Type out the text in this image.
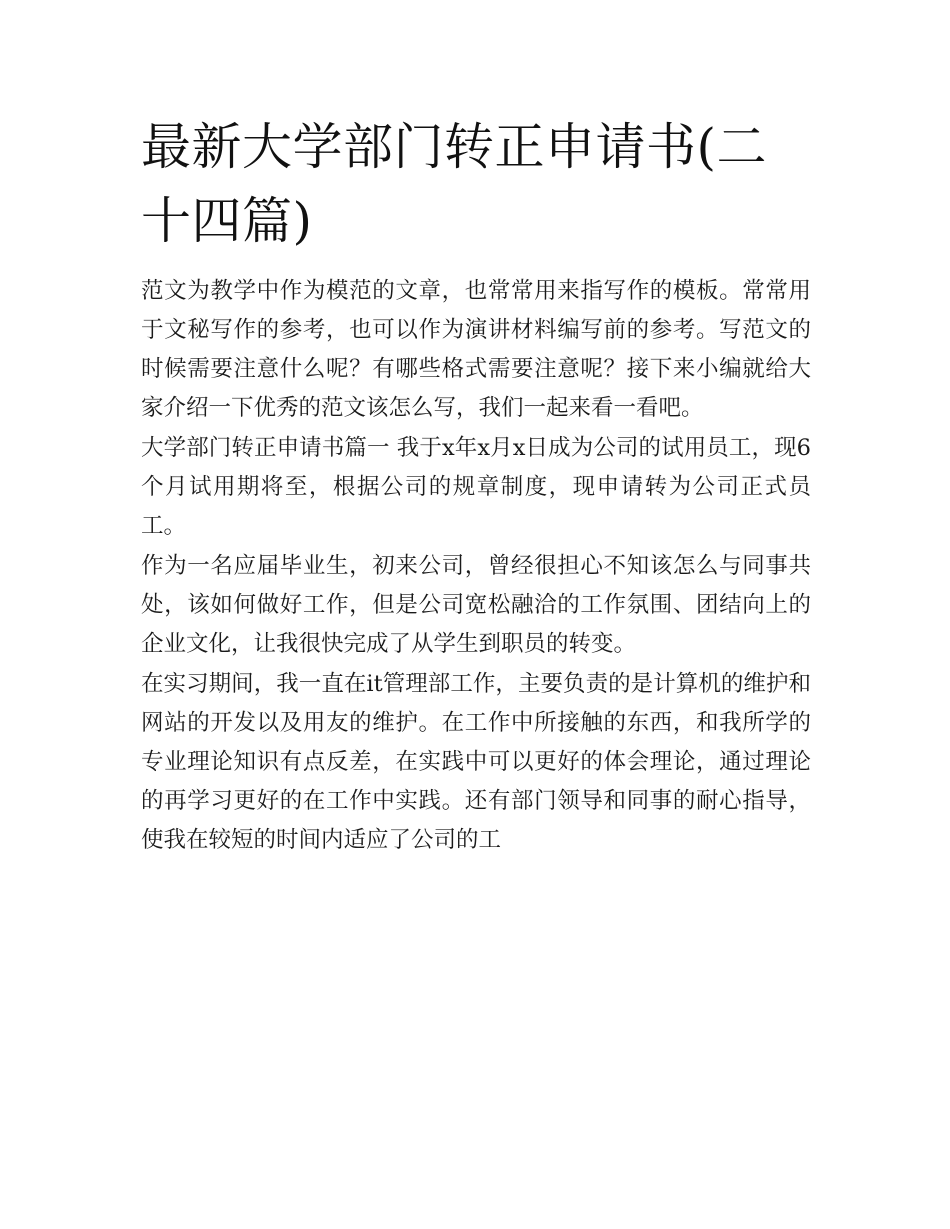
最新大学部门转正申请书(二十四篇)

范文为教学中作为模范的文章，也常常用来指写作的模板。常常用于文秘写作的参考，也可以作为演讲材料编写前的参考。写范文的时候需要注意什么呢？有哪些格式需要注意呢？接下来小编就给大家介绍一下优秀的范文该怎么写，我们一起来看一看吧。

大学部门转正申请书篇一 我于x年x月x日成为公司的试用员工，现6个月试用期将至，根据公司的规章制度，现申请转为公司正式员工。

作为一名应届毕业生，初来公司，曾经很担心不知该怎么与同事共处，该如何做好工作，但是公司宽松融洽的工作氛围、团结向上的企业文化，让我很快完成了从学生到职员的转变。

在实习期间，我一直在it管理部工作，主要负责的是计算机的维护和网站的开发以及用友的维护。在工作中所接触的东西，和我所学的专业理论知识有点反差，在实践中可以更好的体会理论，通过理论的再学习更好的在工作中实践。还有部门领导和同事的耐心指导，使我在较短的时间内适应了公司的工
